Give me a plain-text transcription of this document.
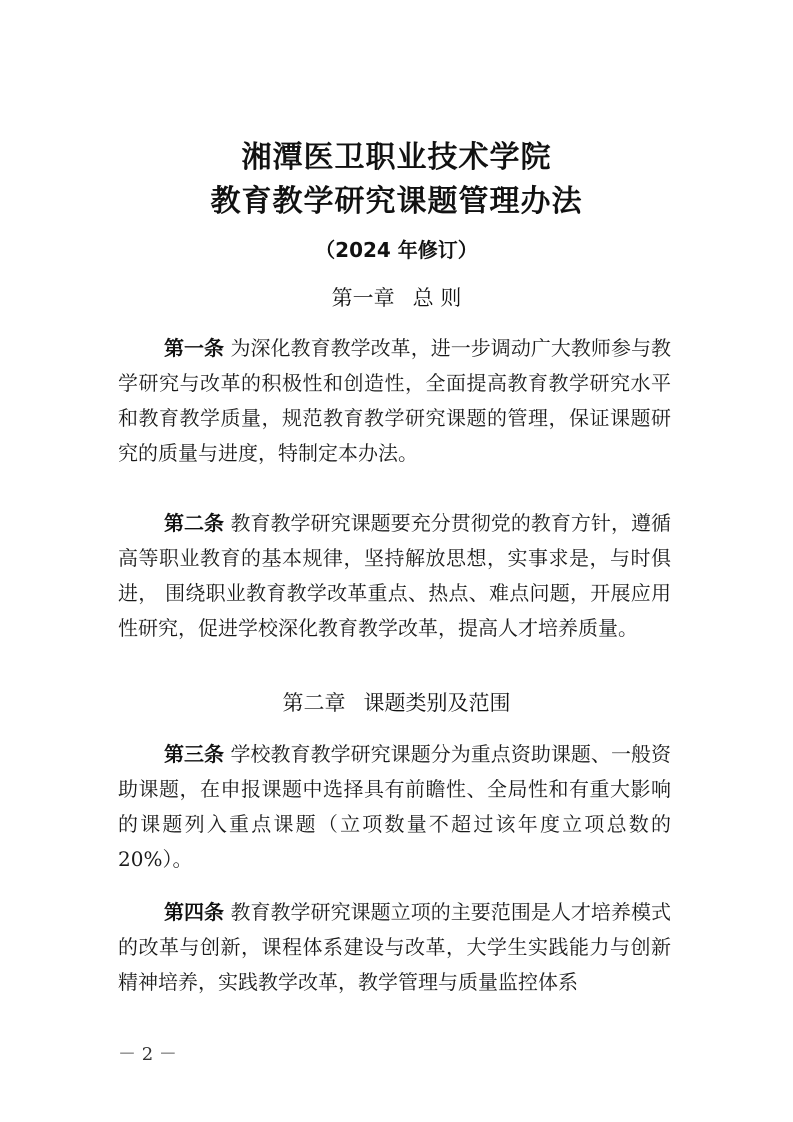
湘潭医卫职业技术学院
教育教学研究课题管理办法
（2024 年修订）
第一章 总 则

第一条 为深化教育教学改革，进一步调动广大教师参与教学研究与改革的积极性和创造性，全面提高教育教学研究水平和教育教学质量，规范教育教学研究课题的管理，保证课题研究的质量与进度，特制定本办法。

第二条 教育教学研究课题要充分贯彻党的教育方针，遵循高等职业教育的基本规律，坚持解放思想，实事求是，与时俱进， 围绕职业教育教学改革重点、热点、难点问题，开展应用性研究，促进学校深化教育教学改革，提高人才培养质量。

第二章 课题类别及范围

第三条 学校教育教学研究课题分为重点资助课题、一般资助课题，在申报课题中选择具有前瞻性、全局性和有重大影响的课题列入重点课题（立项数量不超过该年度立项总数的 20%）。

第四条 教育教学研究课题立项的主要范围是人才培养模式的改革与创新，课程体系建设与改革，大学生实践能力与创新精神培养，实践教学改革，教学管理与质量监控体系

－ 2 －
